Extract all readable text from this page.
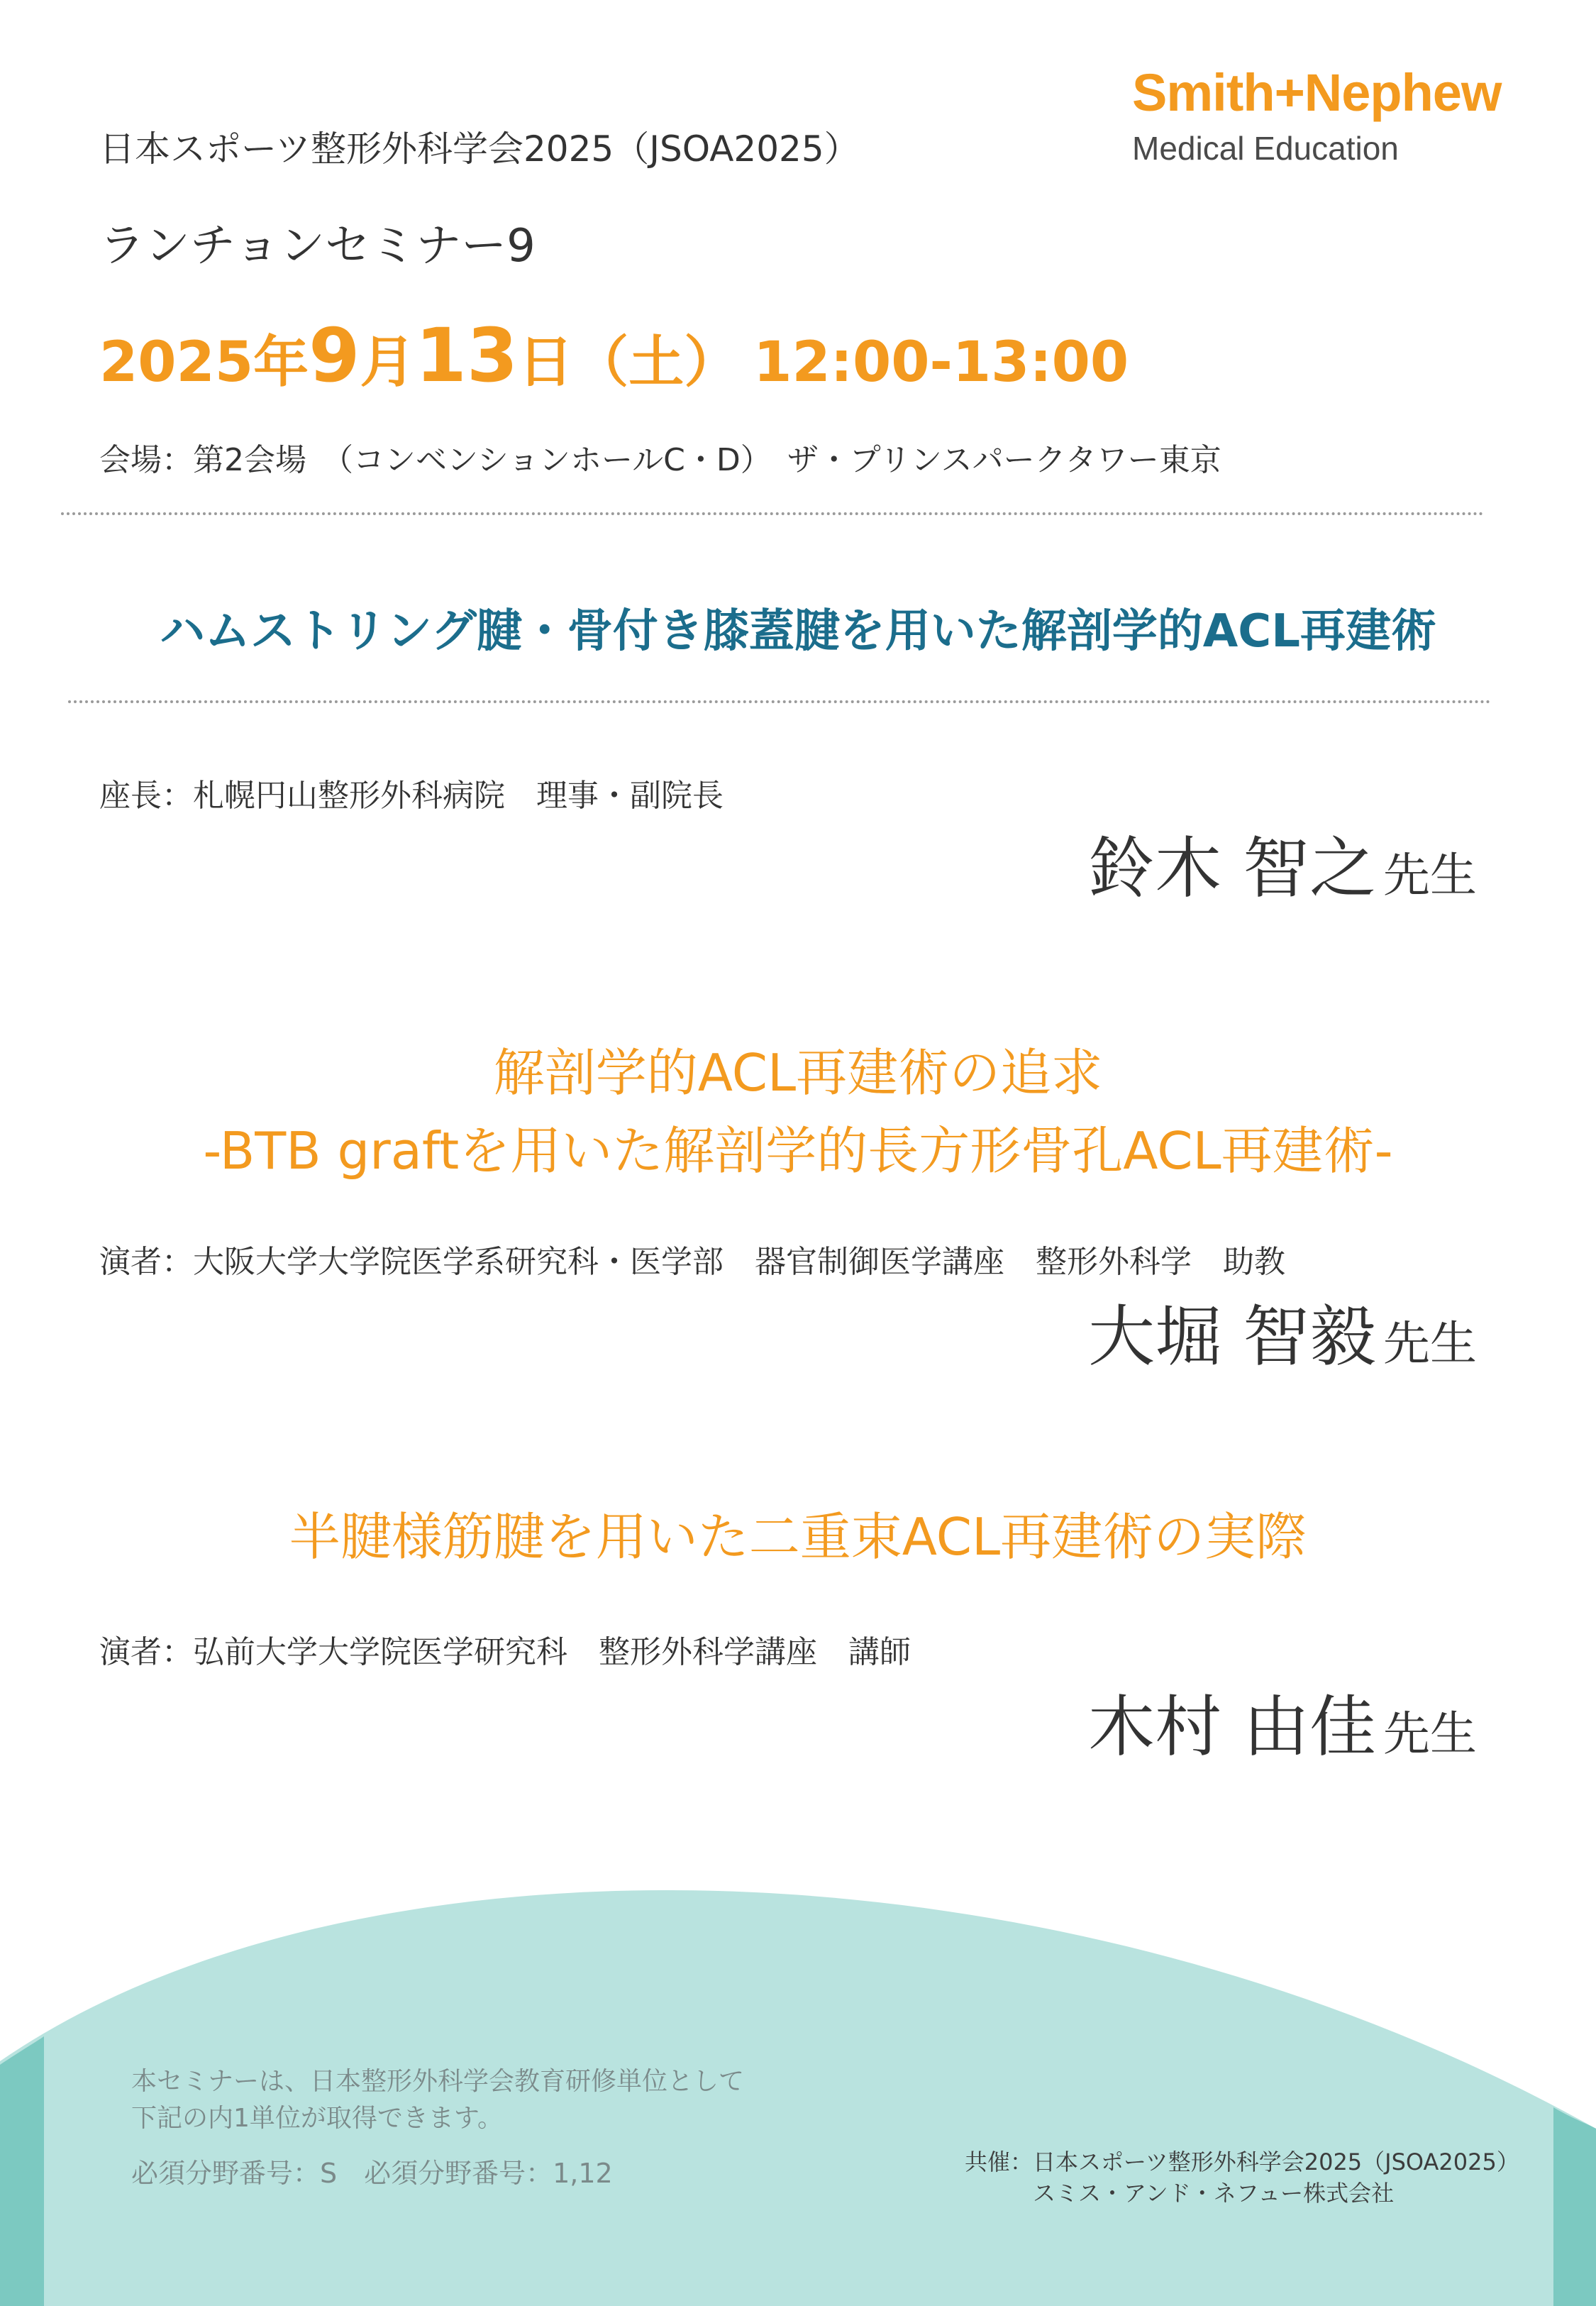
Smith+Nephew
Medical Education
日本スポーツ整形外科学会2025（JSOA2025）
ランチョンセミナー9
2025年9月13日（土） 12:00-13:00
会場：第2会場　（コンベンションホールC・D）　ザ・プリンスパークタワー東京
ハムストリング腱・骨付き膝蓋腱を用いた解剖学的ACL再建術
座長：札幌円山整形外科病院　理事・副院長
鈴木 智之 先生
解剖学的ACL再建術の追求
-BTB graftを用いた解剖学的長方形骨孔ACL再建術-
演者：大阪大学大学院医学系研究科・医学部　器官制御医学講座　整形外科学　助教
大堀 智毅 先生
半腱様筋腱を用いた二重束ACL再建術の実際
演者：弘前大学大学院医学研究科　整形外科学講座　講師
木村 由佳 先生
本セミナーは、日本整形外科学会教育研修単位として
下記の内1単位が取得できます。
必須分野番号：S　必須分野番号：1,12	共催：日本スポーツ整形外科学会2025（JSOA2025）
スミス・アンド・ネフュー株式会社
